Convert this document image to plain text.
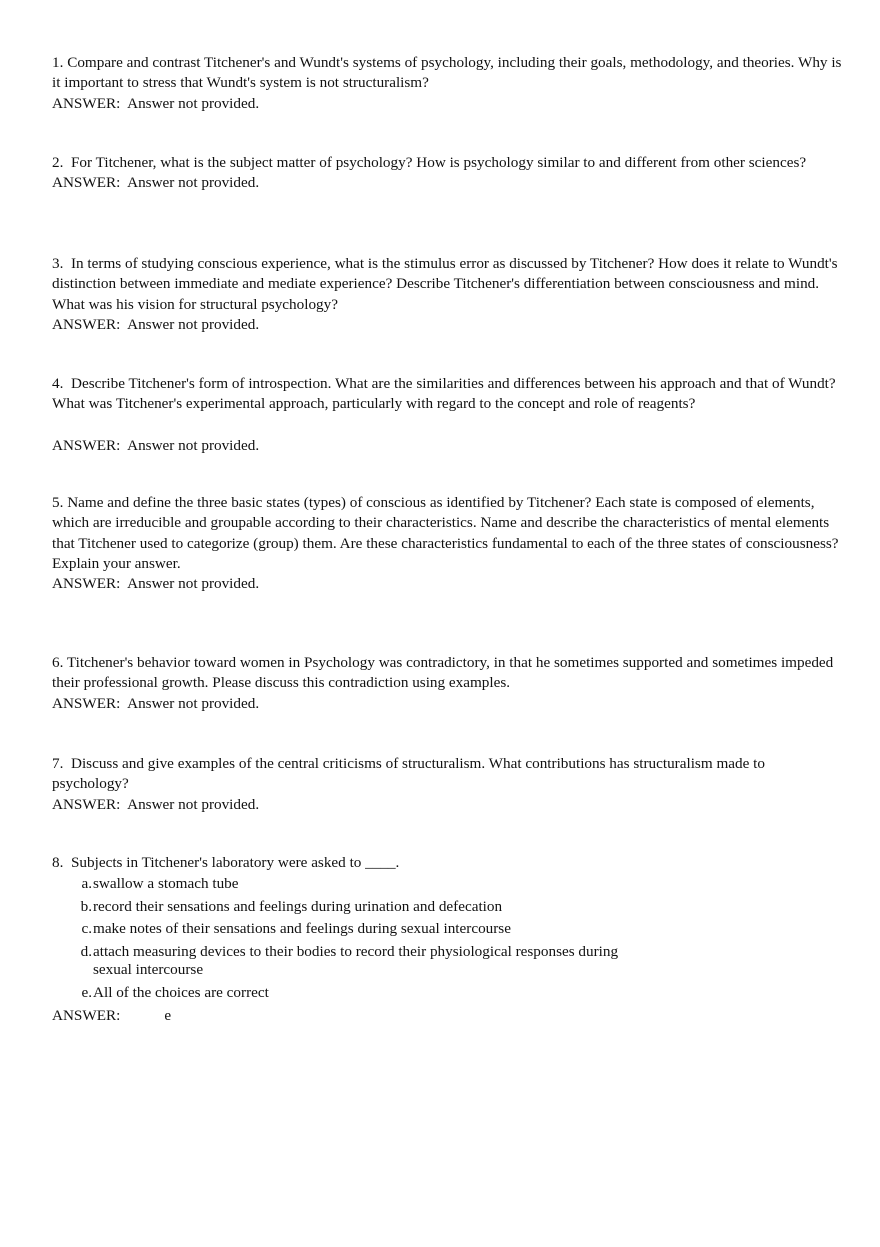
1. Compare and contrast Titchener's and Wundt's systems of psychology, including their goals, methodology, and theories. Why is it important to stress that Wundt's system is not structuralism?

ANSWER: Answer not provided.

2. For Titchener, what is the subject matter of psychology? How is psychology similar to and different from other sciences?

ANSWER: Answer not provided.

3. In terms of studying conscious experience, what is the stimulus error as discussed by Titchener? How does it relate to Wundt's distinction between immediate and mediate experience? Describe Titchener's differentiation between consciousness and mind. What was his vision for structural psychology?

ANSWER: Answer not provided.

4. Describe Titchener's form of introspection. What are the similarities and differences between his approach and that of Wundt? What was Titchener's experimental approach, particularly with regard to the concept and role of reagents?

ANSWER: Answer not provided.

5. Name and define the three basic states (types) of conscious as identified by Titchener? Each state is composed of elements, which are irreducible and groupable according to their characteristics. Name and describe the characteristics of mental elements that Titchener used to categorize (group) them. Are these characteristics fundamental to each of the three states of consciousness? Explain your answer.

ANSWER: Answer not provided.

6. Titchener's behavior toward women in Psychology was contradictory, in that he sometimes supported and sometimes impeded their professional growth. Please discuss this contradiction using examples.

ANSWER: Answer not provided.

7. Discuss and give examples of the central criticisms of structuralism. What contributions has structuralism made to psychology?

ANSWER: Answer not provided.

8. Subjects in Titchener's laboratory were asked to ____.

a. swallow a stomach tube
b. record their sensations and feelings during urination and defecation
c. make notes of their sensations and feelings during sexual intercourse
d. attach measuring devices to their bodies to record their physiological responses during sexual intercourse
e. All of the choices are correct
ANSWER:	e
